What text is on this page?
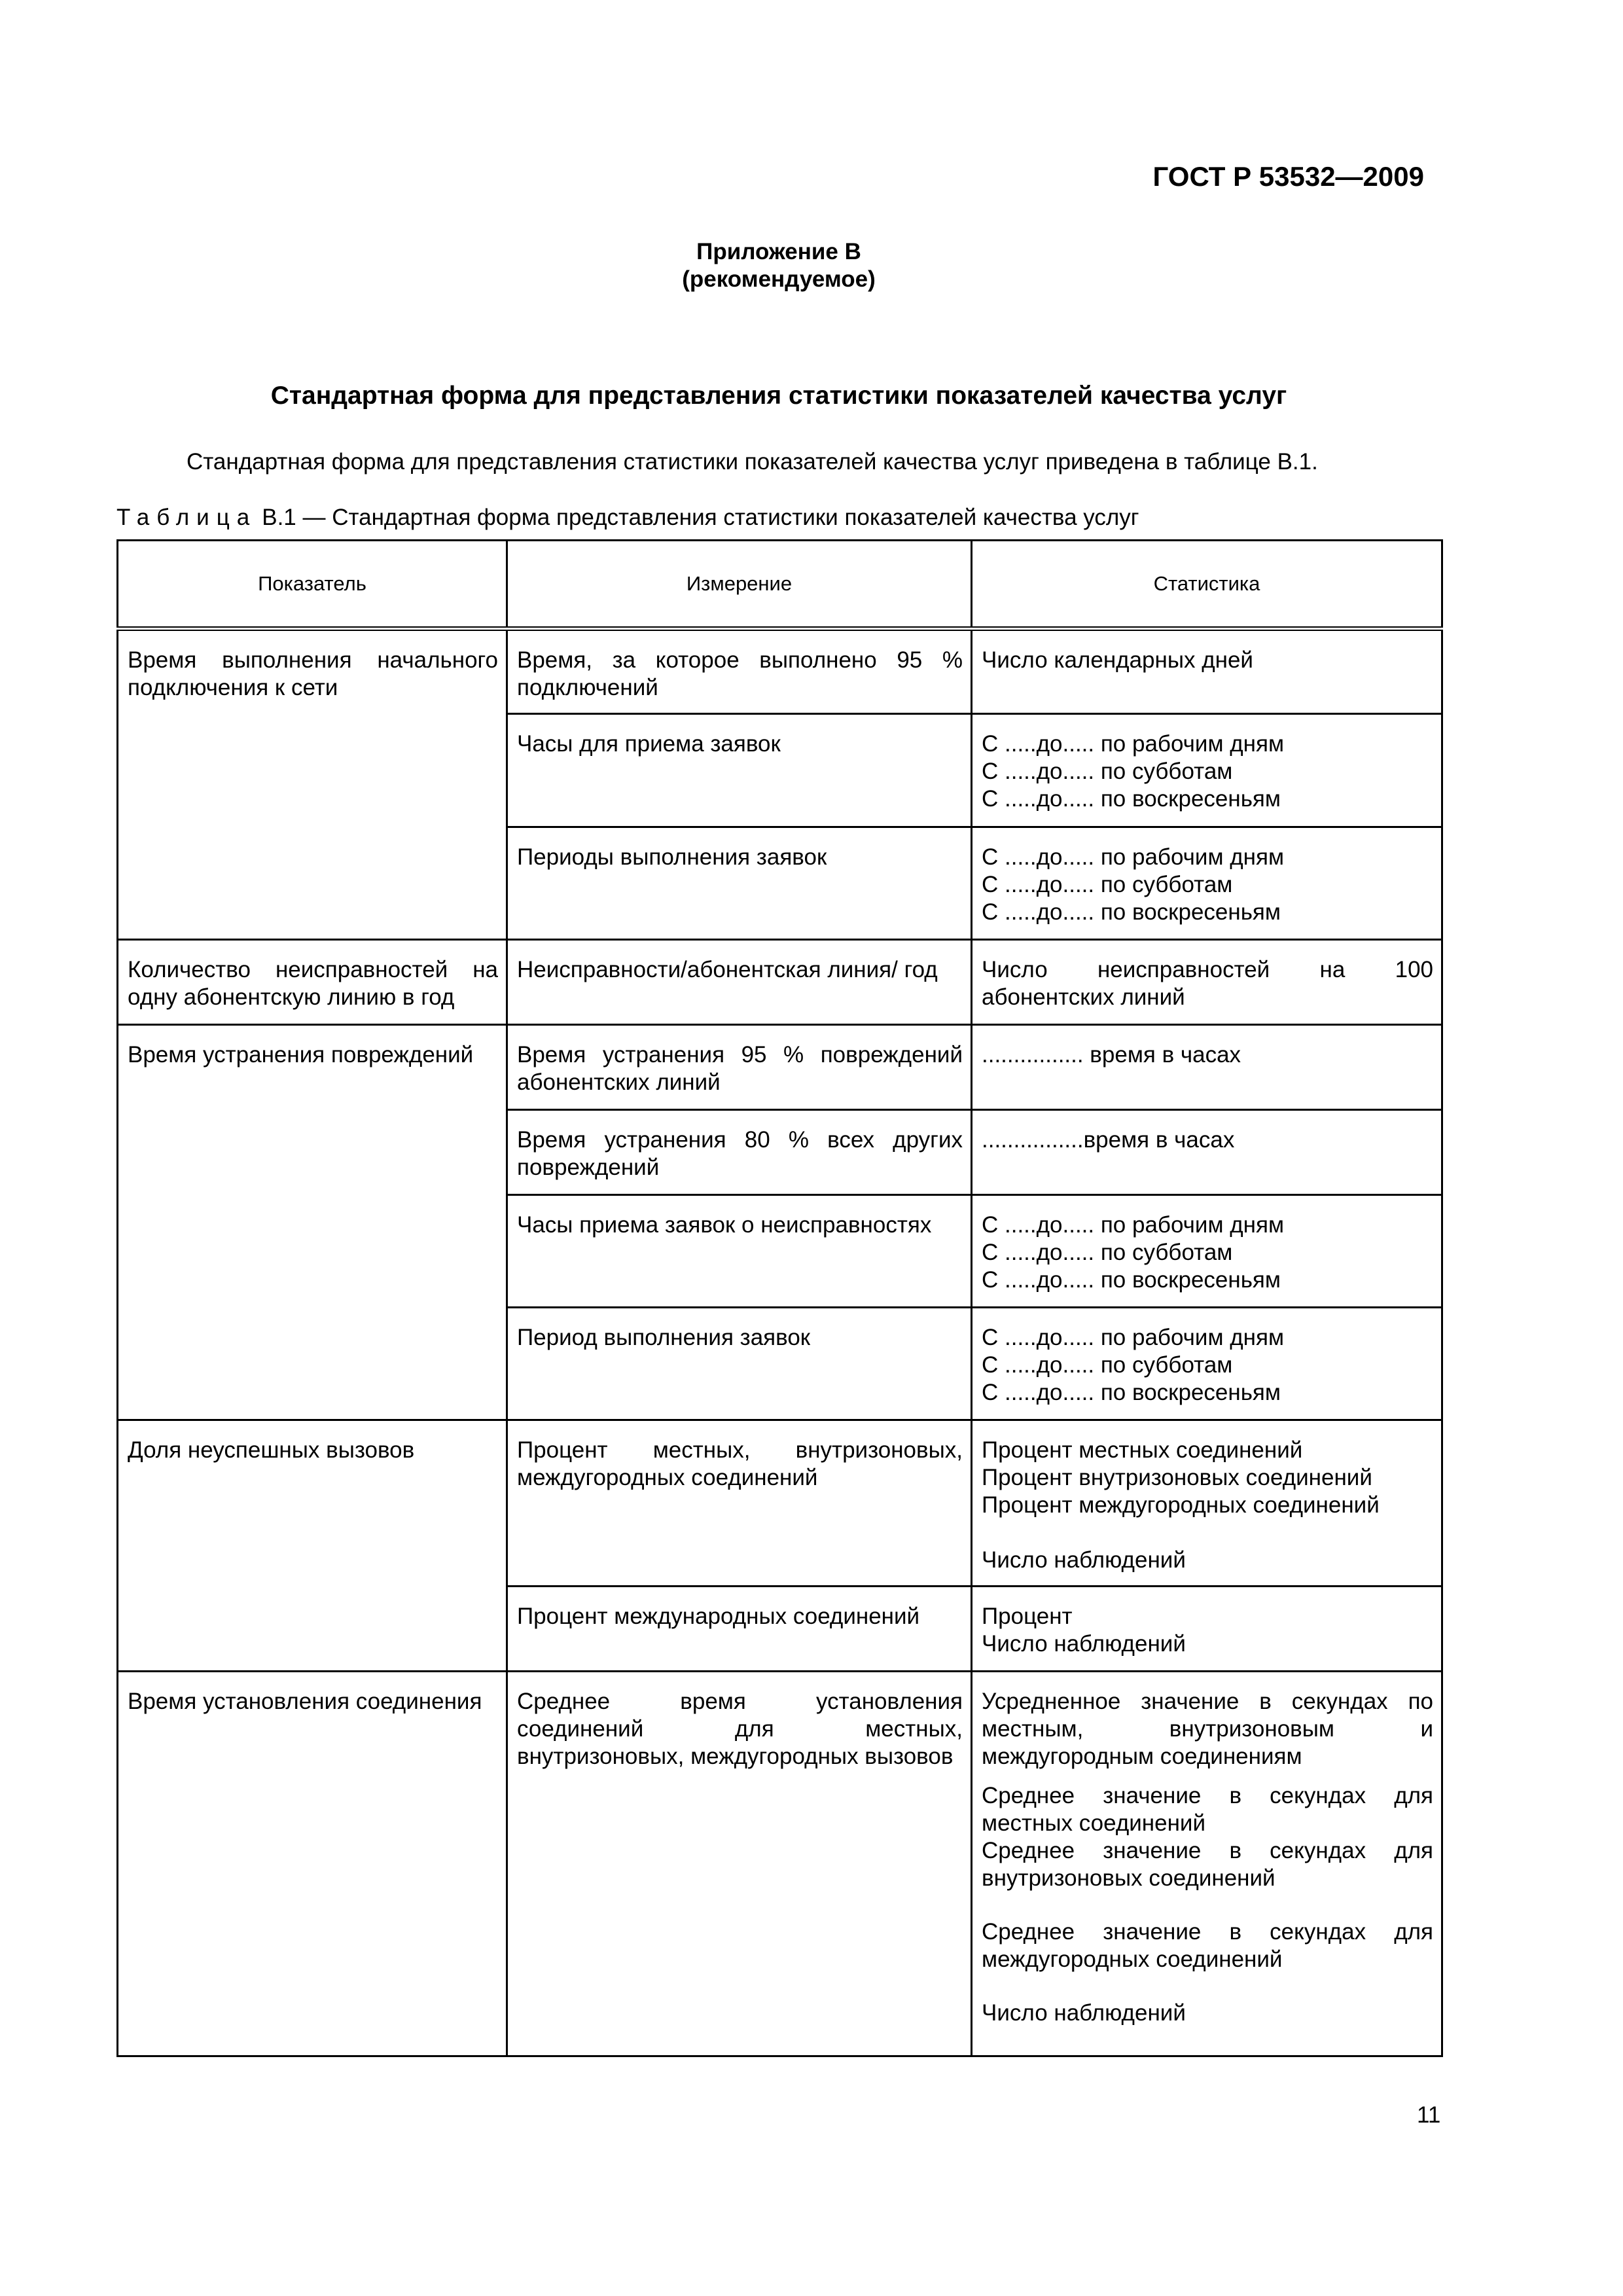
ГОСТ Р 53532—2009
Приложение В
(рекомендуемое)
Стандартная форма для представления статистики показателей качества услуг
Стандартная форма для представления статистики показателей качества услуг приведена в таблице В.1.
Таблица В.1 — Стандартная форма представления статистики показателей качества услуг
Показатель	Измерение	Статистика
Время выполнения начального подключения к сети	Время, за которое выполнено 95 % подключений	Число календарных дней
	Часы для приема заявок	С .....до..... по рабочим дням
С .....до..... по субботам
С .....до..... по воскресеньям

	Периоды выполнения заявок	С .....до..... по рабочим дням
С .....до..... по субботам
С .....до..... по воскресеньям

Количество неисправностей на одну абонентскую линию в год	Неисправности/абонентская линия/ год	Число неисправностей на 100 абонентских линий
Время устранения повреждений	Время устранения 95 % повреждений абонентских линий	................ время в часах
	Время устранения 80 % всех других повреждений	................время в часах
	Часы приема заявок о неисправностях	С .....до..... по рабочим дням
С .....до..... по субботам
С .....до..... по воскресеньям

	Период выполнения заявок	С .....до..... по рабочим дням
С .....до..... по субботам
С .....до..... по воскресеньям

Доля неуспешных вызовов	Процент местных, внутризоновых, междугородных соединений	Процент местных соединений
Процент внутризоновых соединений
Процент междугородных соединений
Число наблюдений

	Процент международных соединений	Процент
Число наблюдений

Время установления соединения	Среднее время установления соединений для местных, внутризоновых, междугородных вызовов	Усредненное значение в секундах по местным, внутризоновым и междугородным соединениям
Среднее значение в секундах для местных соединений
Среднее значение в секундах для внутризоновых соединений
Среднее значение в секундах для междугородных соединений
Число наблюдений
11
